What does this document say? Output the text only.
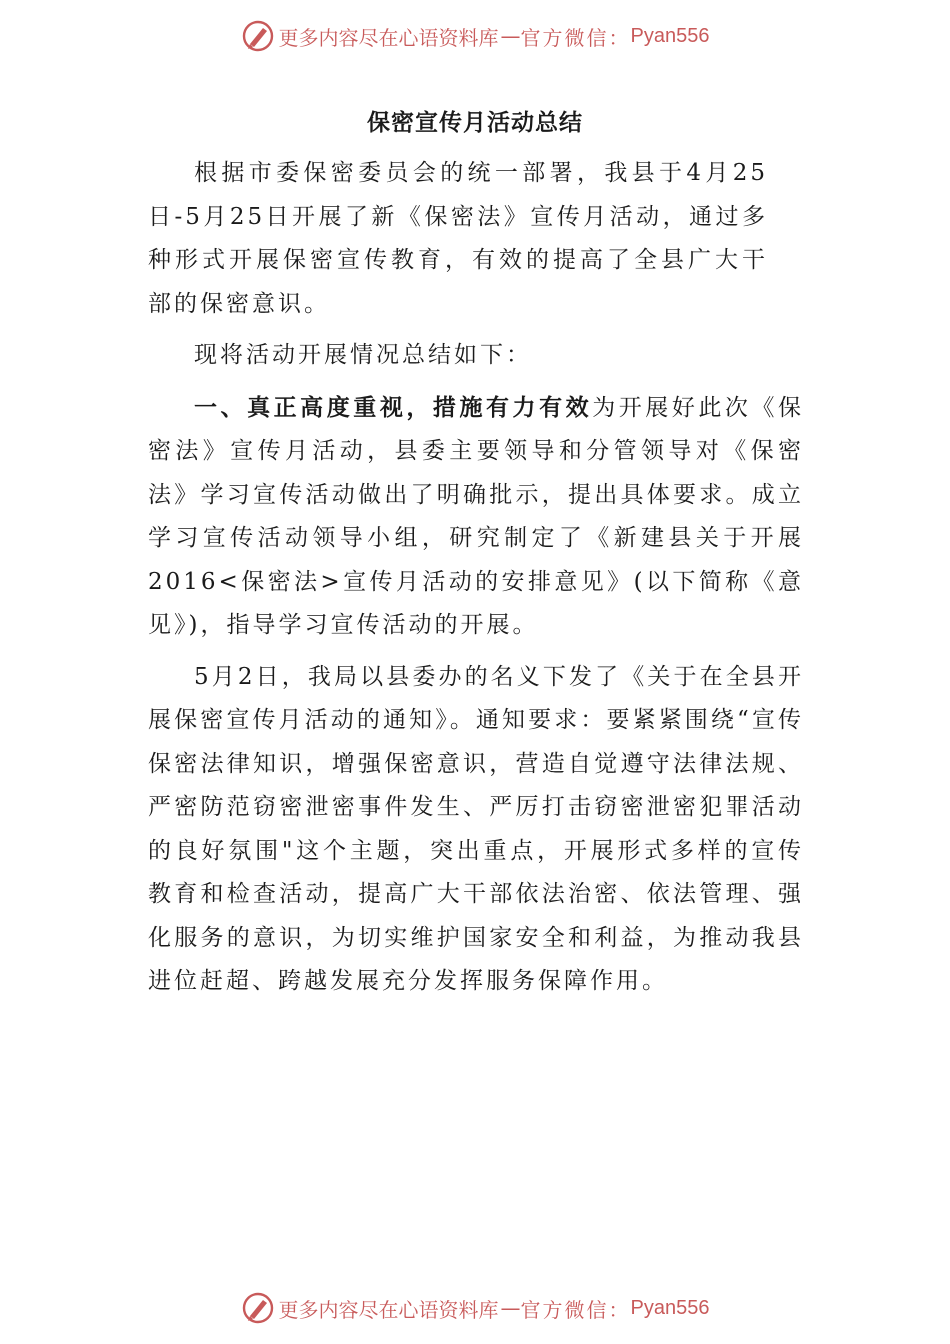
更多内容尽在心语资料库 — 官方微信： Pyan556
保密宣传月活动总结

根据市委保密委员会的统一部署，我县于4月25日-5月25日开展了新《保密法》宣传月活动，通过多种形式开展保密宣传教育，有效的提高了全县广大干部的保密意识。

现将活动开展情况总结如下：

一、真正高度重视，措施有力有效为开展好此次《保密法》宣传月活动，县委主要领导和分管领导对《保密法》学习宣传活动做出了明确批示，提出具体要求。成立学习宣传活动领导小组，研究制定了《新建县关于开展2016<保密法>宣传月活动的安排意见》(以下简称《意见》)，指导学习宣传活动的开展。

5月2日，我局以县委办的名义下发了《关于在全县开展保密宣传月活动的通知》。通知要求：要紧紧围绕“宣传保密法律知识，增强保密意识，营造自觉遵守法律法规、严密防范窃密泄密事件发生、严厉打击窃密泄密犯罪活动的良好氛围"这个主题，突出重点，开展形式多样的宣传教育和检查活动，提高广大干部依法治密、依法管理、强化服务的意识，为切实维护国家安全和利益，为推动我县进位赶超、跨越发展充分发挥服务保障作用。

更多内容尽在心语资料库 — 官方微信： Pyan556
